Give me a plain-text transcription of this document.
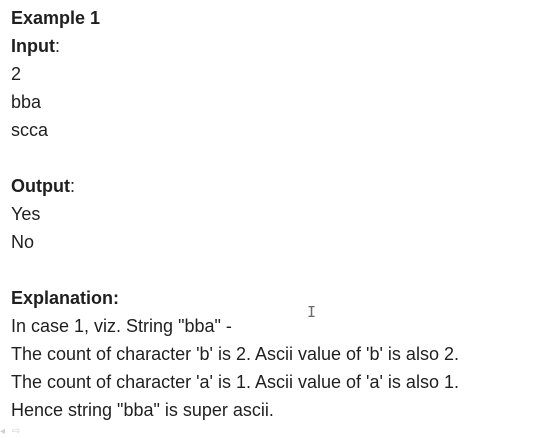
Example 1
Input:
2
bba
scca
Output:
Yes
No
Explanation:
In case 1, viz. String "bba" -
The count of character 'b' is 2. Ascii value of 'b' is also 2.
The count of character 'a' is 1. Ascii value of 'a' is also 1.
Hence string "bba" is super ascii.
I
◂ ⇨
